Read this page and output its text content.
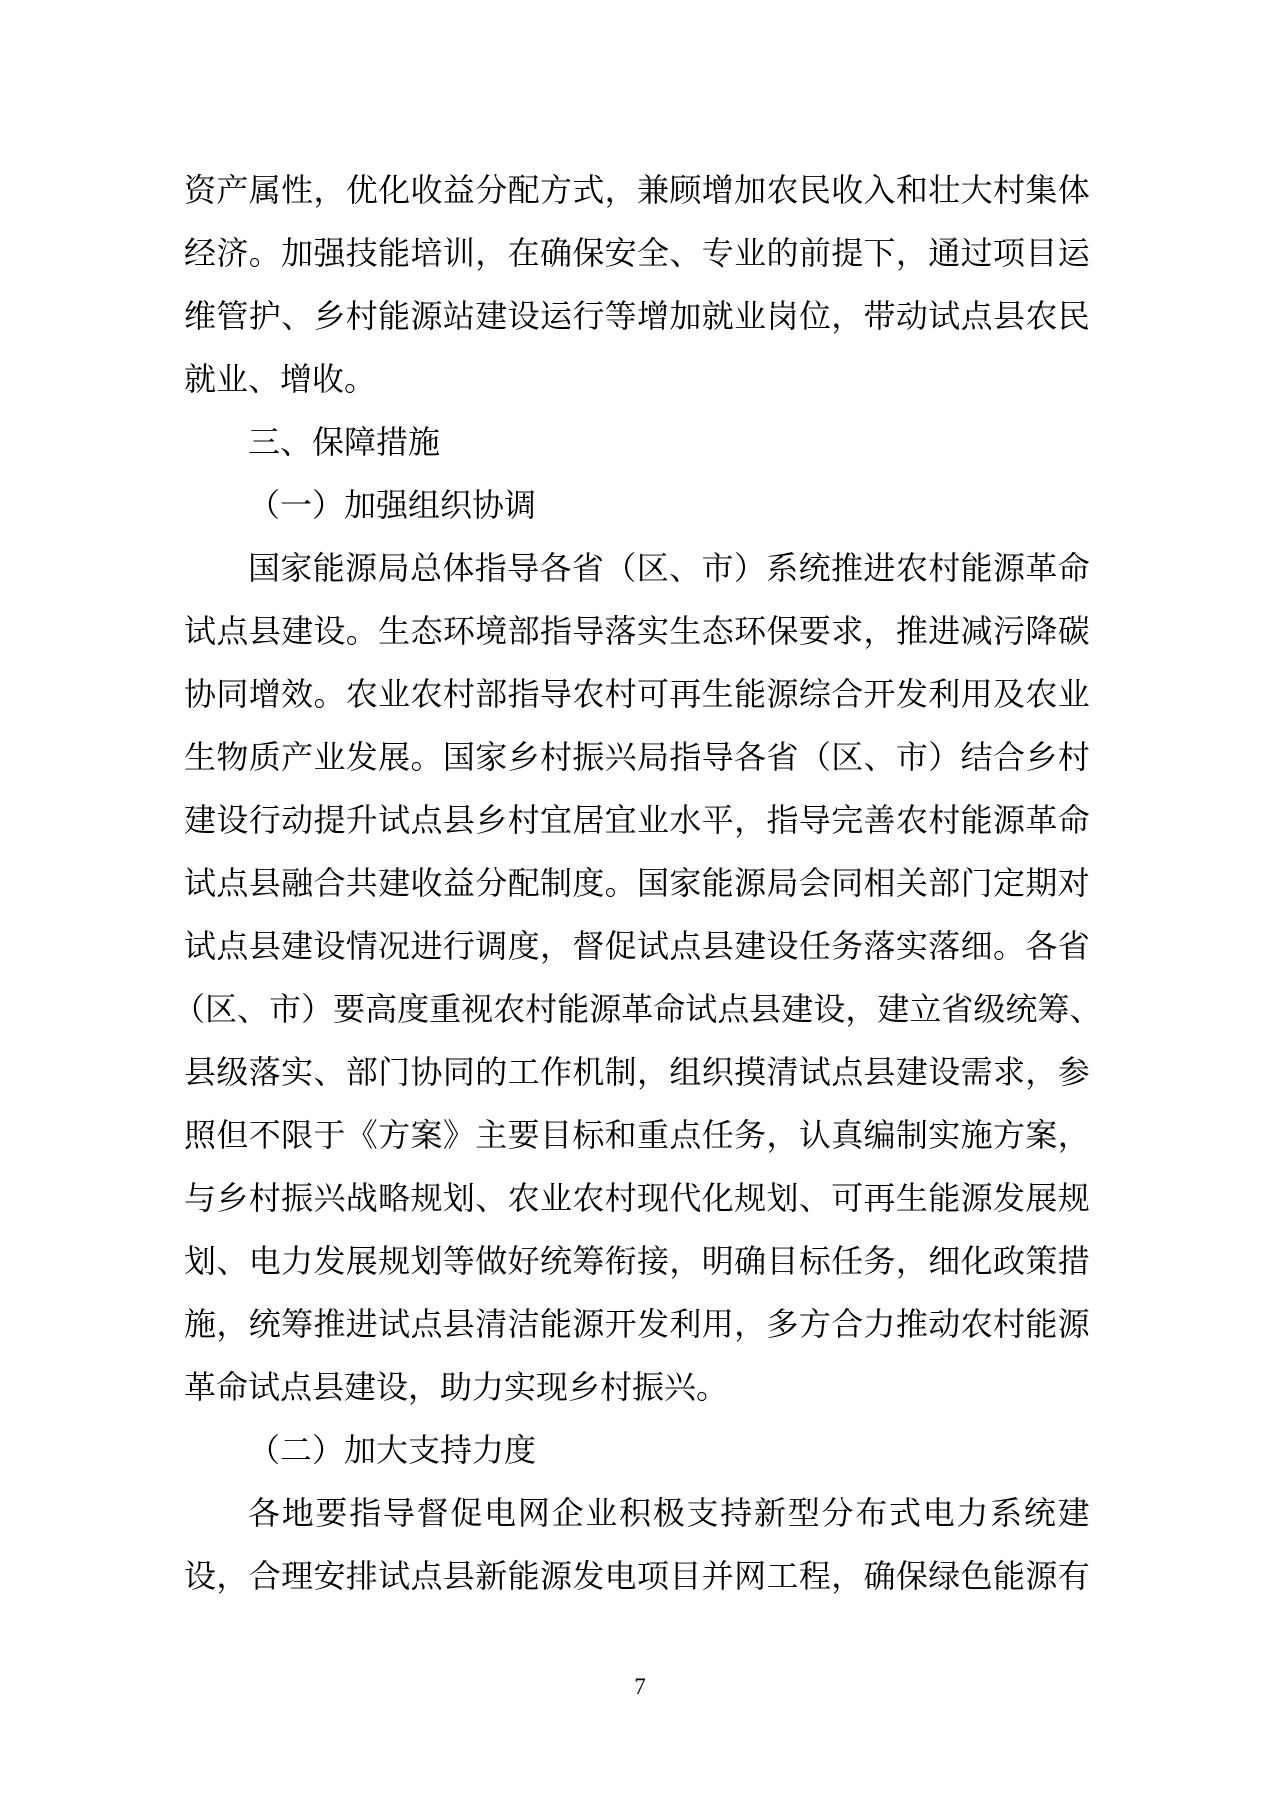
资 产 属 性 ， 优 化 收 益 分 配 方 式 ， 兼 顾 增 加 农 民 收 入 和 壮 大 村 集 体
经 济 。 加 强 技 能 培 训 ， 在 确 保 安 全 、 专 业 的 前 提 下 ， 通 过 项 目 运
维 管 护 、 乡 村 能 源 站 建 设 运 行 等 增 加 就 业 岗 位 ， 带 动 试 点 县 农 民
就业、增收。
三、保障措施
（一）加强组织协调
国 家 能 源 局 总 体 指 导 各 省 （ 区 、 市 ） 系 统 推 进 农 村 能 源 革 命
试 点 县 建 设 。 生 态 环 境 部 指 导 落 实 生 态 环 保 要 求 ， 推 进 减 污 降 碳
协 同 增 效 。 农 业 农 村 部 指 导 农 村 可 再 生 能 源 综 合 开 发 利 用 及 农 业
生 物 质 产 业 发 展 。 国 家 乡 村 振 兴 局 指 导 各 省 （ 区 、 市 ） 结 合 乡 村
建 设 行 动 提 升 试 点 县 乡 村 宜 居 宜 业 水 平 ， 指 导 完 善 农 村 能 源 革 命
试 点 县 融 合 共 建 收 益 分 配 制 度 。 国 家 能 源 局 会 同 相 关 部 门 定 期 对
试 点 县 建 设 情 况 进 行 调 度 ， 督 促 试 点 县 建 设 任 务 落 实 落 细 。 各 省
（ 区 、 市 ） 要 高 度 重 视 农 村 能 源 革 命 试 点 县 建 设 ， 建 立 省 级 统 筹 、
县 级 落 实 、 部 门 协 同 的 工 作 机 制 ， 组 织 摸 清 试 点 县 建 设 需 求 ， 参
照 但 不 限 于 《 方 案 》 主 要 目 标 和 重 点 任 务 ， 认 真 编 制 实 施 方 案 ，
与 乡 村 振 兴 战 略 规 划 、 农 业 农 村 现 代 化 规 划 、 可 再 生 能 源 发 展 规
划 、 电 力 发 展 规 划 等 做 好 统 筹 衔 接 ， 明 确 目 标 任 务 ， 细 化 政 策 措
施 ， 统 筹 推 进 试 点 县 清 洁 能 源 开 发 利 用 ， 多 方 合 力 推 动 农 村 能 源
革命试点县建设，助力实现乡村振兴。
（二）加大支持力度
各 地 要 指 导 督 促 电 网 企 业 积 极 支 持 新 型 分 布 式 电 力 系 统 建
设 ， 合 理 安 排 试 点 县 新 能 源 发 电 项 目 并 网 工 程 ， 确 保 绿 色 能 源 有
7
